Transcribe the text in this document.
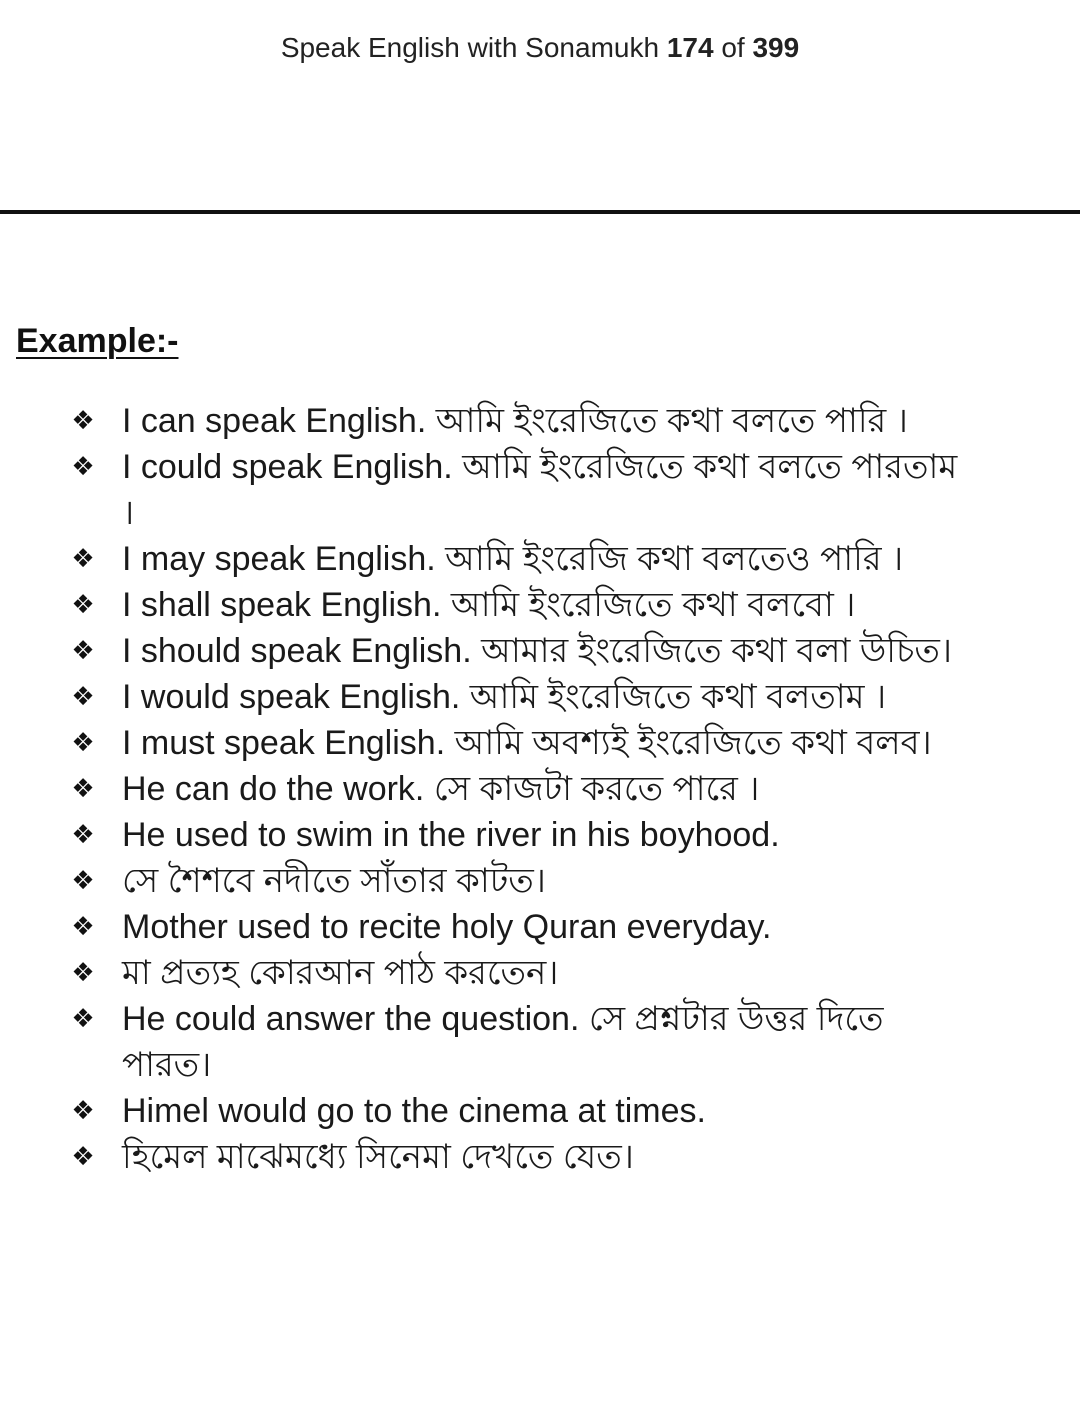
Speak English with Sonamukh
174
of
399
Example:-
❖ I can speak English. আমি ইংরেজিতে কথা বলতে পারি ।
❖ I could speak English. আমি ইংরেজিতে কথা বলতে পারতাম ।
❖ I may speak English. আমি ইংরেজি কথা বলতেও পারি ।
❖ I shall speak English. আমি ইংরেজিতে কথা বলবো ।
❖ I should speak English. আমার ইংরেজিতে কথা বলা উচিত।
❖ I would speak English. আমি ইংরেজিতে কথা বলতাম ।
❖ I must speak English. আমি অবশ্যই ইংরেজিতে কথা বলব।
❖ He can do the work. সে কাজটা করতে পারে ।
❖ He used to swim in the river in his boyhood.
❖ সে শৈশবে নদীতে সাঁতার কাটত।
❖ Mother used to recite holy Quran everyday.
❖ মা প্রত্যহ কোরআন পাঠ করতেন।
❖ He could answer the question. সে প্রশ্নটার উত্তর দিতে পারত।
❖ Himel would go to the cinema at times.
❖ হিমেল মাঝেমধ্যে সিনেমা দেখতে যেত।
